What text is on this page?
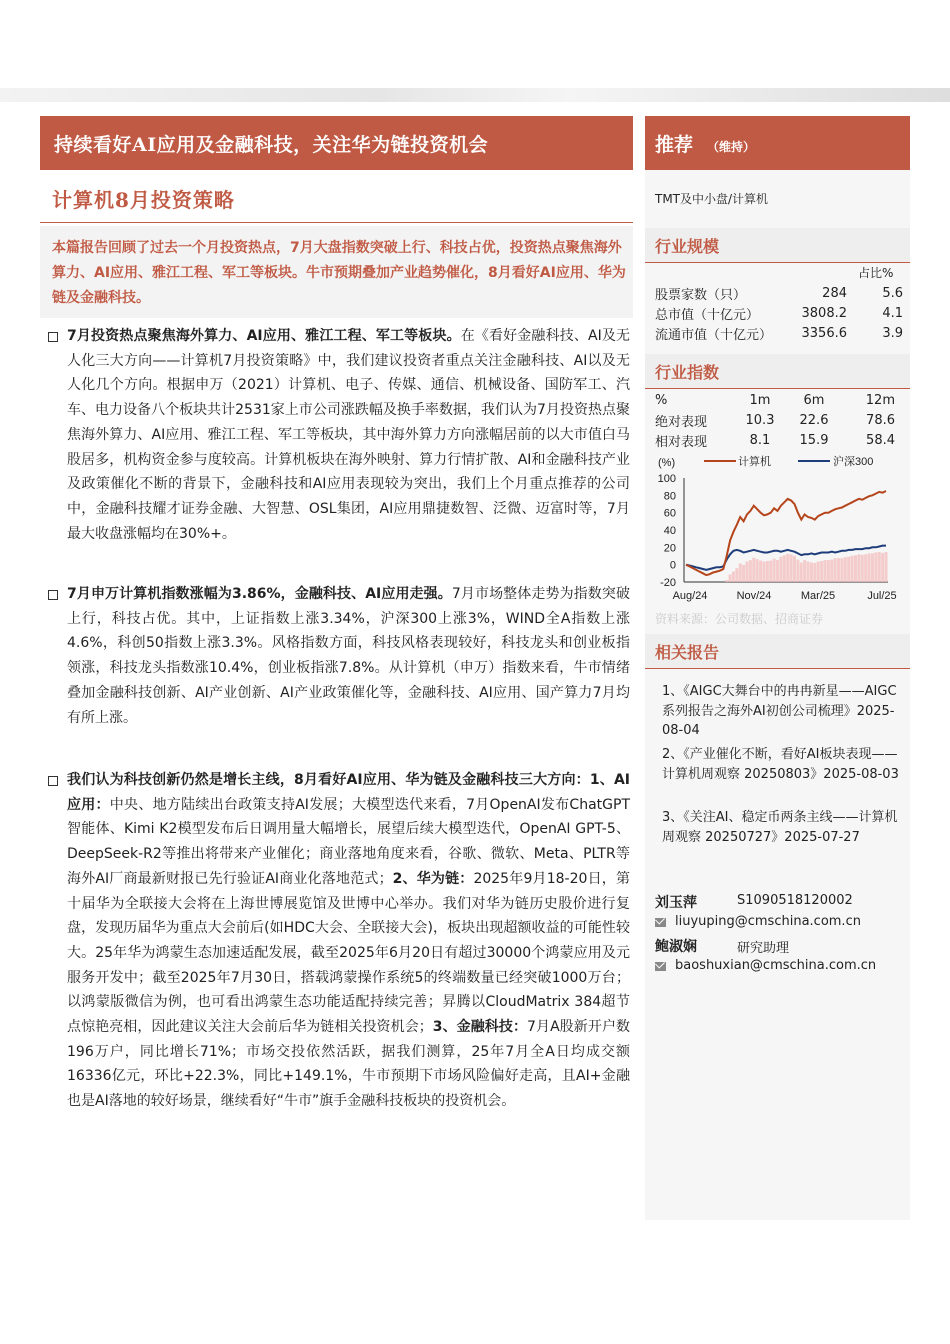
持续看好AI应用及金融科技，关注华为链投资机会	推荐 （维持）
计算机8月投资策略
本篇报告回顾了过去一个月投资热点，7月大盘指数突破上行、科技占优，投资热点聚焦海外算力、AI应用、雅江工程、军工等板块。牛市预期叠加产业趋势催化，8月看好AI应用、华为链及金融科技。
7月投资热点聚焦海外算力、AI应用、雅江工程、军工等板块。在《看好金融科技、AI及无人化三大方向——计算机7月投资策略》中，我们建议投资者重点关注金融科技、AI以及无人化几个方向。根据申万（2021）计算机、电子、传媒、通信、机械设备、国防军工、汽车、电力设备八个板块共计2531家上市公司涨跌幅及换手率数据，我们认为7月投资热点聚焦海外算力、AI应用、雅江工程、军工等板块，其中海外算力方向涨幅居前的以大市值白马股居多，机构资金参与度较高。计算机板块在海外映射、算力行情扩散、AI和金融科技产业及政策催化不断的背景下，金融科技和AI应用表现较为突出，我们上个月重点推荐的公司中，金融科技耀才证券金融、大智慧、OSL集团，AI应用鼎捷数智、泛微、迈富时等，7月最大收盘涨幅均在30%+。
7月申万计算机指数涨幅为3.86%，金融科技、AI应用走强。7月市场整体走势为指数突破上行，科技占优。其中，上证指数上涨3.34%，沪深300上涨3%，WIND全A指数上涨4.6%，科创50指数上涨3.3%。风格指数方面，科技风格表现较好，科技龙头和创业板指领涨，科技龙头指数涨10.4%，创业板指涨7.8%。从计算机（申万）指数来看，牛市情绪叠加金融科技创新、AI产业创新、AI产业政策催化等，金融科技、AI应用、国产算力7月均有所上涨。
我们认为科技创新仍然是增长主线，8月看好AI应用、华为链及金融科技三大方向：1、AI应用：中央、地方陆续出台政策支持AI发展；大模型迭代来看，7月OpenAI发布ChatGPT智能体、Kimi K2模型发布后日调用量大幅增长，展望后续大模型迭代，OpenAI GPT-5、DeepSeek-R2等推出将带来产业催化；商业落地角度来看，谷歌、微软、Meta、PLTR等海外AI厂商最新财报已先行验证AI商业化落地范式；2、华为链：2025年9月18-20日，第十届华为全联接大会将在上海世博展览馆及世博中心举办。我们对华为链历史股价进行复盘，发现历届华为重点大会前后(如HDC大会、全联接大会)，板块出现超额收益的可能性较大。25年华为鸿蒙生态加速适配发展，截至2025年6月20日有超过30000个鸿蒙应用及元服务开发中；截至2025年7月30日，搭载鸿蒙操作系统5的终端数量已经突破1000万台；以鸿蒙版微信为例，也可看出鸿蒙生态功能适配持续完善；昇腾以CloudMatrix 384超节点惊艳亮相，因此建议关注大会前后华为链相关投资机会；3、金融科技：7月A股新开户数196万户，同比增长71%；市场交投依然活跃，据我们测算，25年7月全A日均成交额16336亿元，环比+22.3%，同比+149.1%，牛市预期下市场风险偏好走高，且AI+金融也是AI落地的较好场景，继续看好“牛市”旗手金融科技板块的投资机会。
TMT及中小盘/计算机
行业规模
占比%
股票家数（只）	284	5.6
总市值（十亿元）	3808.2	4.1
流通市值（十亿元）	3356.6	3.9
行业指数
%	1m	6m	12m
绝对表现	10.3	22.6	78.6
相对表现	8.1	15.9	58.4
(%)	计算机	沪深300
100
80
60
40
20
0
-20
Aug/24	Nov/24	Mar/25	Jul/25
资料来源：公司数据、招商证券
相关报告
1、《AIGC大舞台中的冉冉新星——AIGC系列报告之海外AI初创公司梳理》2025-08-04
2、《产业催化不断，看好AI板块表现——计算机周观察 20250803》2025-08-03
3、《关注AI、稳定币两条主线——计算机周观察 20250727》2025-07-27
刘玉萍	S1090518120002
liuyuping@cmschina.com.cn
鲍淑娴	研究助理
baoshuxian@cmschina.com.cn
